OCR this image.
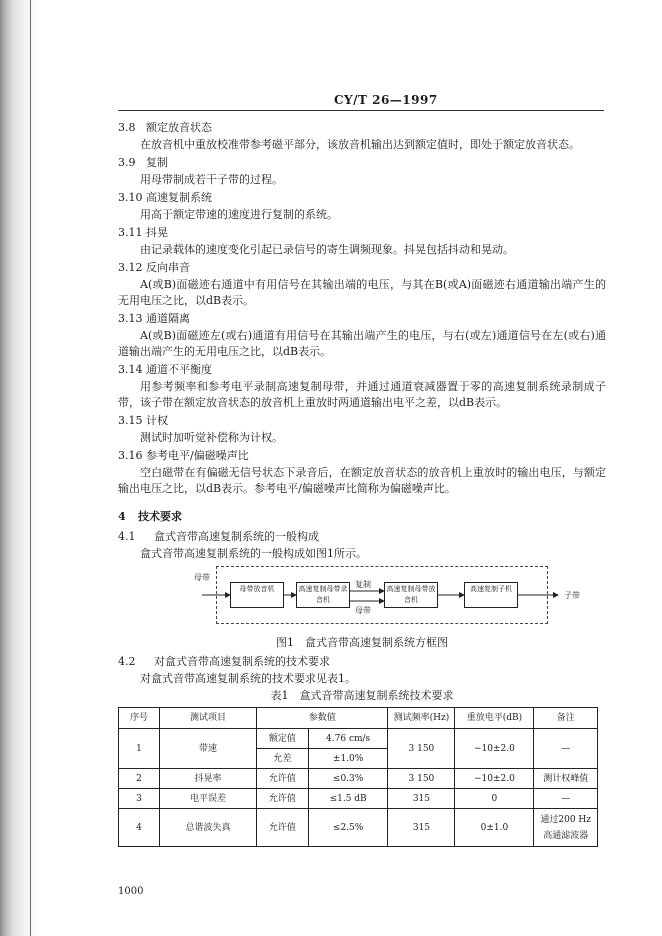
CY/T 26—1997
3.8 额定放音状态
在放音机中重放校准带参考磁平部分，该放音机输出达到额定值时，即处于额定放音状态。
3.9 复制
用母带制成若干子带的过程。
3.10 高速复制系统
用高于额定带速的速度进行复制的系统。
3.11 抖晃
由记录载体的速度变化引起已录信号的寄生调频现象。抖晃包括抖动和晃动。
3.12 反向串音
A(或B)面磁迹右通道中有用信号在其输出端的电压，与其在B(或A)面磁迹右通道输出端产生的无用电压之比，以dB表示。
3.13 通道隔离
A(或B)面磁迹左(或右)通道有用信号在其输出端产生的电压，与右(或左)通道信号在左(或右)通道输出端产生的无用电压之比，以dB表示。
3.14 通道不平衡度
用参考频率和参考电平录制高速复制母带，并通过通道衰减器置于零的高速复制系统录制成子带，该子带在额定放音状态的放音机上重放时两通道输出电平之差，以dB表示。
3.15 计权
测试时加听觉补偿称为计权。
3.16 参考电平/偏磁噪声比
空白磁带在有偏磁无信号状态下录音后，在额定放音状态的放音机上重放时的输出电压，与额定输出电压之比，以dB表示。参考电平/偏磁噪声比简称为偏磁噪声比。
4 技术要求
4.1 盒式音带高速复制系统的一般构成
盒式音带高速复制系统的一般构成如图1所示。
母带
母带放音机	高速复制母带录音机
复制
母带
高速复制母带放音机
高速复制子机
子带
图1　盒式音带高速复制系统方框图
4.2 对盒式音带高速复制系统的技术要求
对盒式音带高速复制系统的技术要求见表1。
表1　盒式音带高速复制系统技术要求
序号	测试项目	参数值		测试频率(Hz)	重放电平(dB)	备注
1	带速	额定值	4.76 cm/s	3 150	−10±2.0	—
		允差	±1.0%			
2	抖晃率	允许值	≤0.3%	3 150	−10±2.0	测计权峰值
3	电平误差	允许值	≤1.5 dB	315	0	—
4	总谐波失真	允许值	≤2.5%	315	0±1.0	通过200 Hz
高通滤波器
1000
